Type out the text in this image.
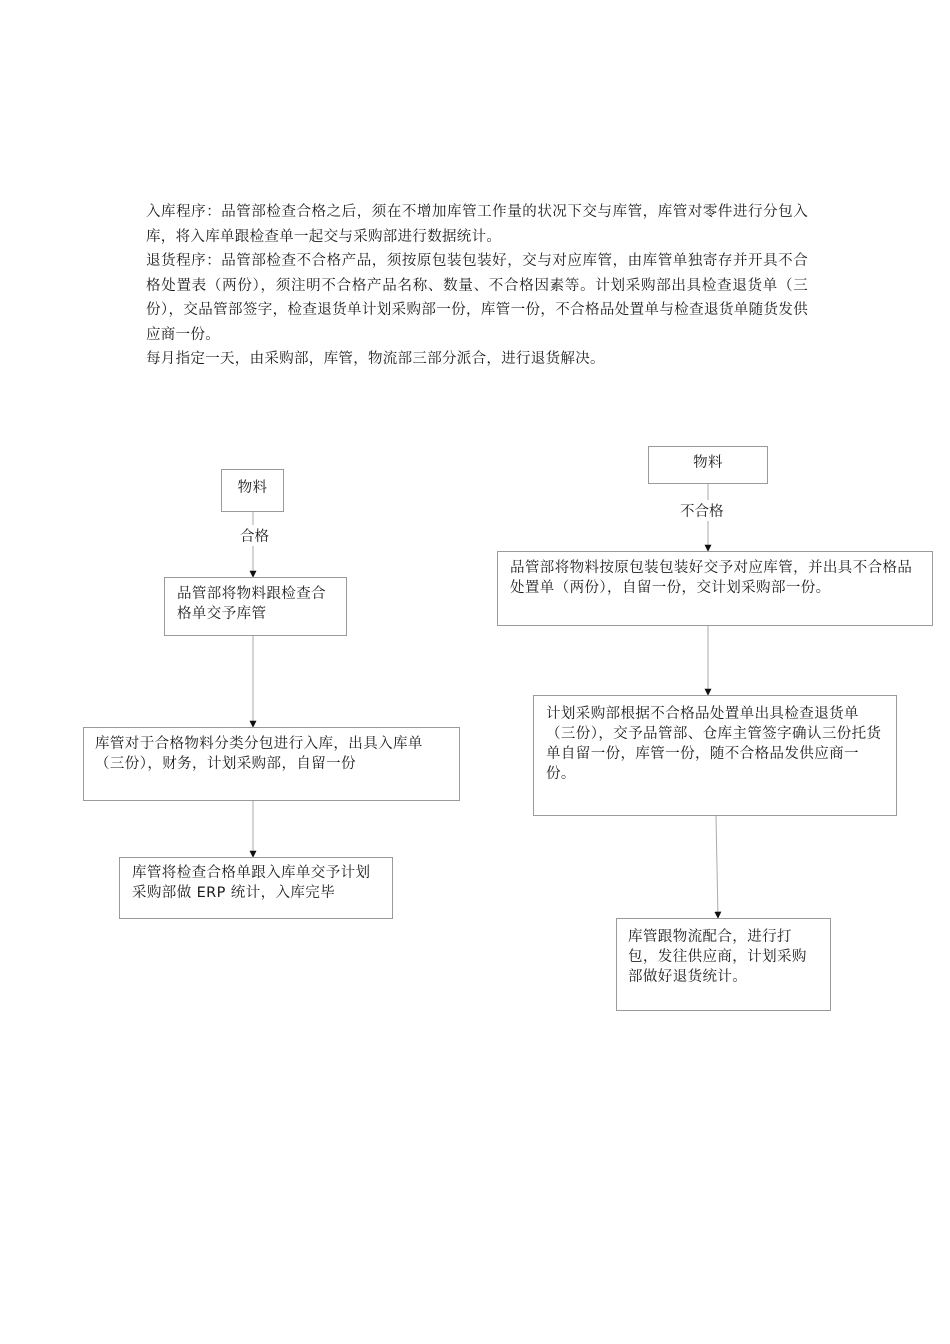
入库程序：品管部检查合格之后，须在不增加库管工作量的状况下交与库管，库管对零件进行分包入库，将入库单跟检查单一起交与采购部进行数据统计。

退货程序：品管部检查不合格产品，须按原包装包装好，交与对应库管，由库管单独寄存并开具不合格处置表（两份），须注明不合格产品名称、数量、不合格因素等。计划采购部出具检查退货单（三份），交品管部签字，检查退货单计划采购部一份，库管一份，不合格品处置单与检查退货单随货发供应商一份。

每月指定一天，由采购部，库管，物流部三部分派合，进行退货解决。

物料
合格
品管部将物料跟检查合格单交予库管
库管对于合格物料分类分包进行入库，出具入库单（三份），财务，计划采购部，自留一份
库管将检查合格单跟入库单交予计划采购部做 ERP 统计，入库完毕
物料
不合格
品管部将物料按原包装包装好交予对应库管，并出具不合格品处置单（两份），自留一份，交计划采购部一份。
计划采购部根据不合格品处置单出具检查退货单（三份），交予品管部、仓库主管签字确认三份托货单自留一份，库管一份，随不合格品发供应商一份。
库管跟物流配合，进行打包，发往供应商，计划采购部做好退货统计。
